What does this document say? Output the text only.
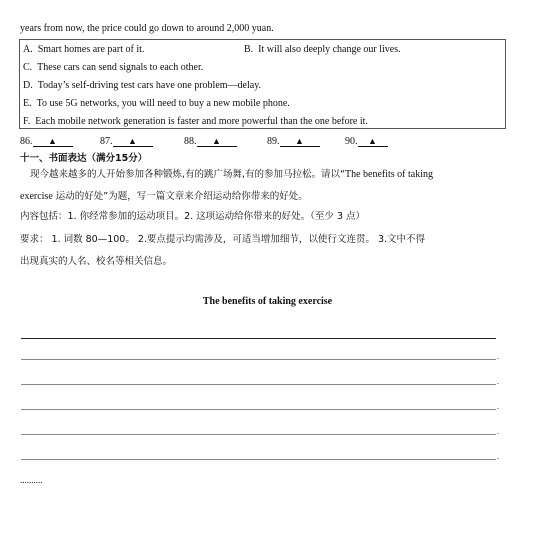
years from now, the price could go down to around 2,000 yuan.
A. Smart homes are part of it.	B. It will also deeply change our lives.
C. These cars can send signals to each other.
D. Today’s self-driving test cars have one problem—delay.
E. To use 5G networks, you will need to buy a new mobile phone.
F. Each mobile network generation is faster and more powerful than the one before it.
86. ▲	87. ▲	88. ▲	89. ▲	90. ▲
十一、书面表达（满分15分）
现今越来越多的人开始参加各种锻炼,有的跳广场舞,有的参加马拉松。请以“The benefits of taking
exercise 运动的好处”为题，写一篇文章来介绍运动给你带来的好处。
内容包括：1. 你经常参加的运动项目。2. 这项运动给你带来的好处。（至少 3 点）
要求： 1. 词数 80—100。 2.要点提示均需涉及，可适当增加细节，以使行文连贯。 3.文中不得
出现真实的人名、校名等相关信息。
The benefits of taking exercise
.
.
.
.
.
..........
